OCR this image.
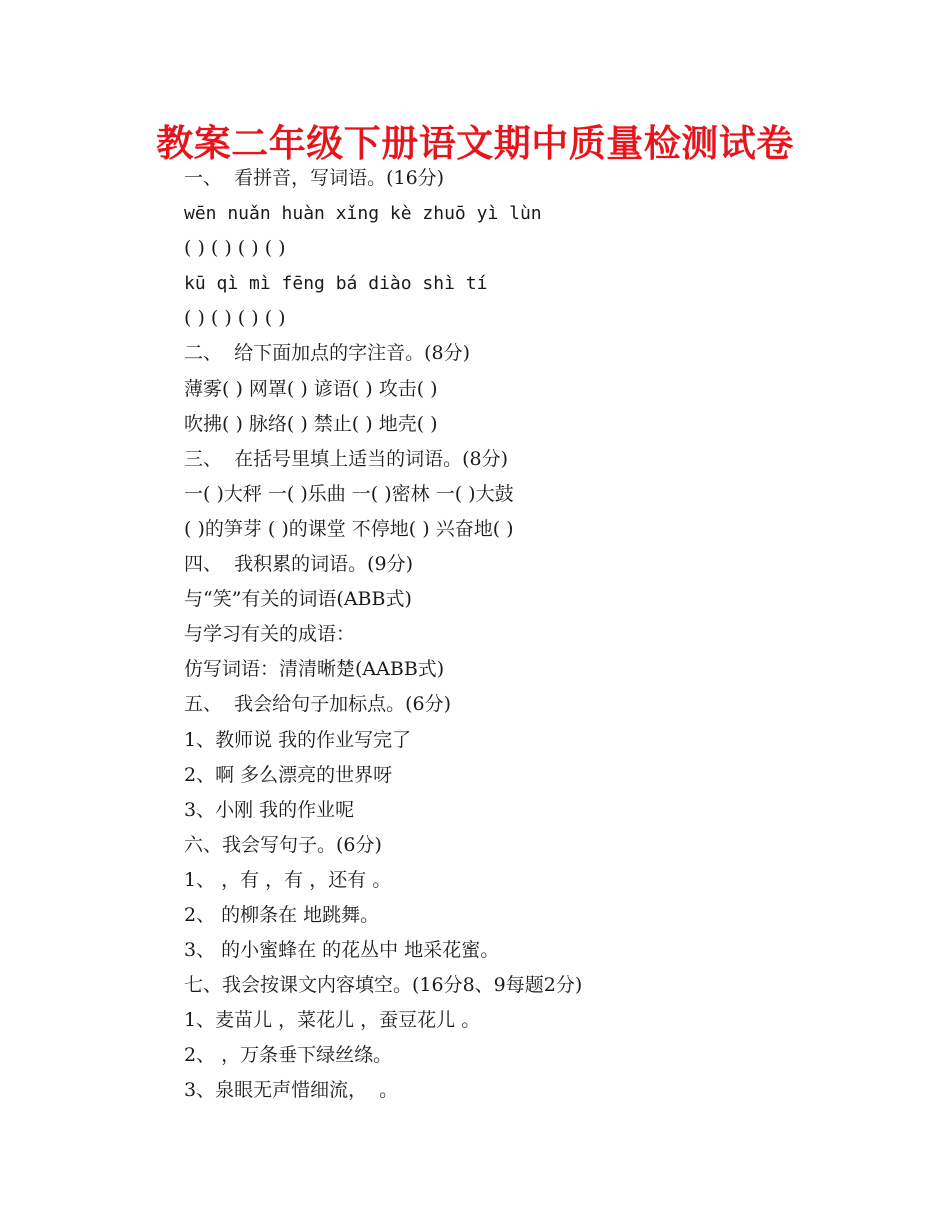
教案二年级下册语文期中质量检测试卷
一、  看拼音，写词语。(16分)
wēn nuǎn huàn xǐng kè zhuō yì lùn
( ) ( ) ( ) ( )
kū qì mì fēng bá diào shì tí
( ) ( ) ( ) ( )
二、  给下面加点的字注音。(8分)
薄雾( ) 网罩( ) 谚语( ) 攻击( )
吹拂( ) 脉络( ) 禁止( ) 地壳( )
三、  在括号里填上适当的词语。(8分)
一( )大秤 一( )乐曲 一( )密林 一( )大鼓
( )的笋芽 ( )的课堂 不停地( ) 兴奋地( )
四、  我积累的词语。(9分)
与“笑”有关的词语(ABB式)
与学习有关的成语：
仿写词语：清清晰楚(AABB式)
五、  我会给句子加标点。(6分)
1、教师说 我的作业写完了
2、啊 多么漂亮的世界呀
3、小刚 我的作业呢
六、我会写句子。(6分)
1、 ，有 ，有 ，还有 。
2、 的柳条在 地跳舞。
3、 的小蜜蜂在 的花丛中 地采花蜜。
七、我会按课文内容填空。(16分8、9每题2分)
1、麦苗儿 ，菜花儿 ，蚕豆花儿 。
2、 ，万条垂下绿丝绦。
3、泉眼无声惜细流，  。
